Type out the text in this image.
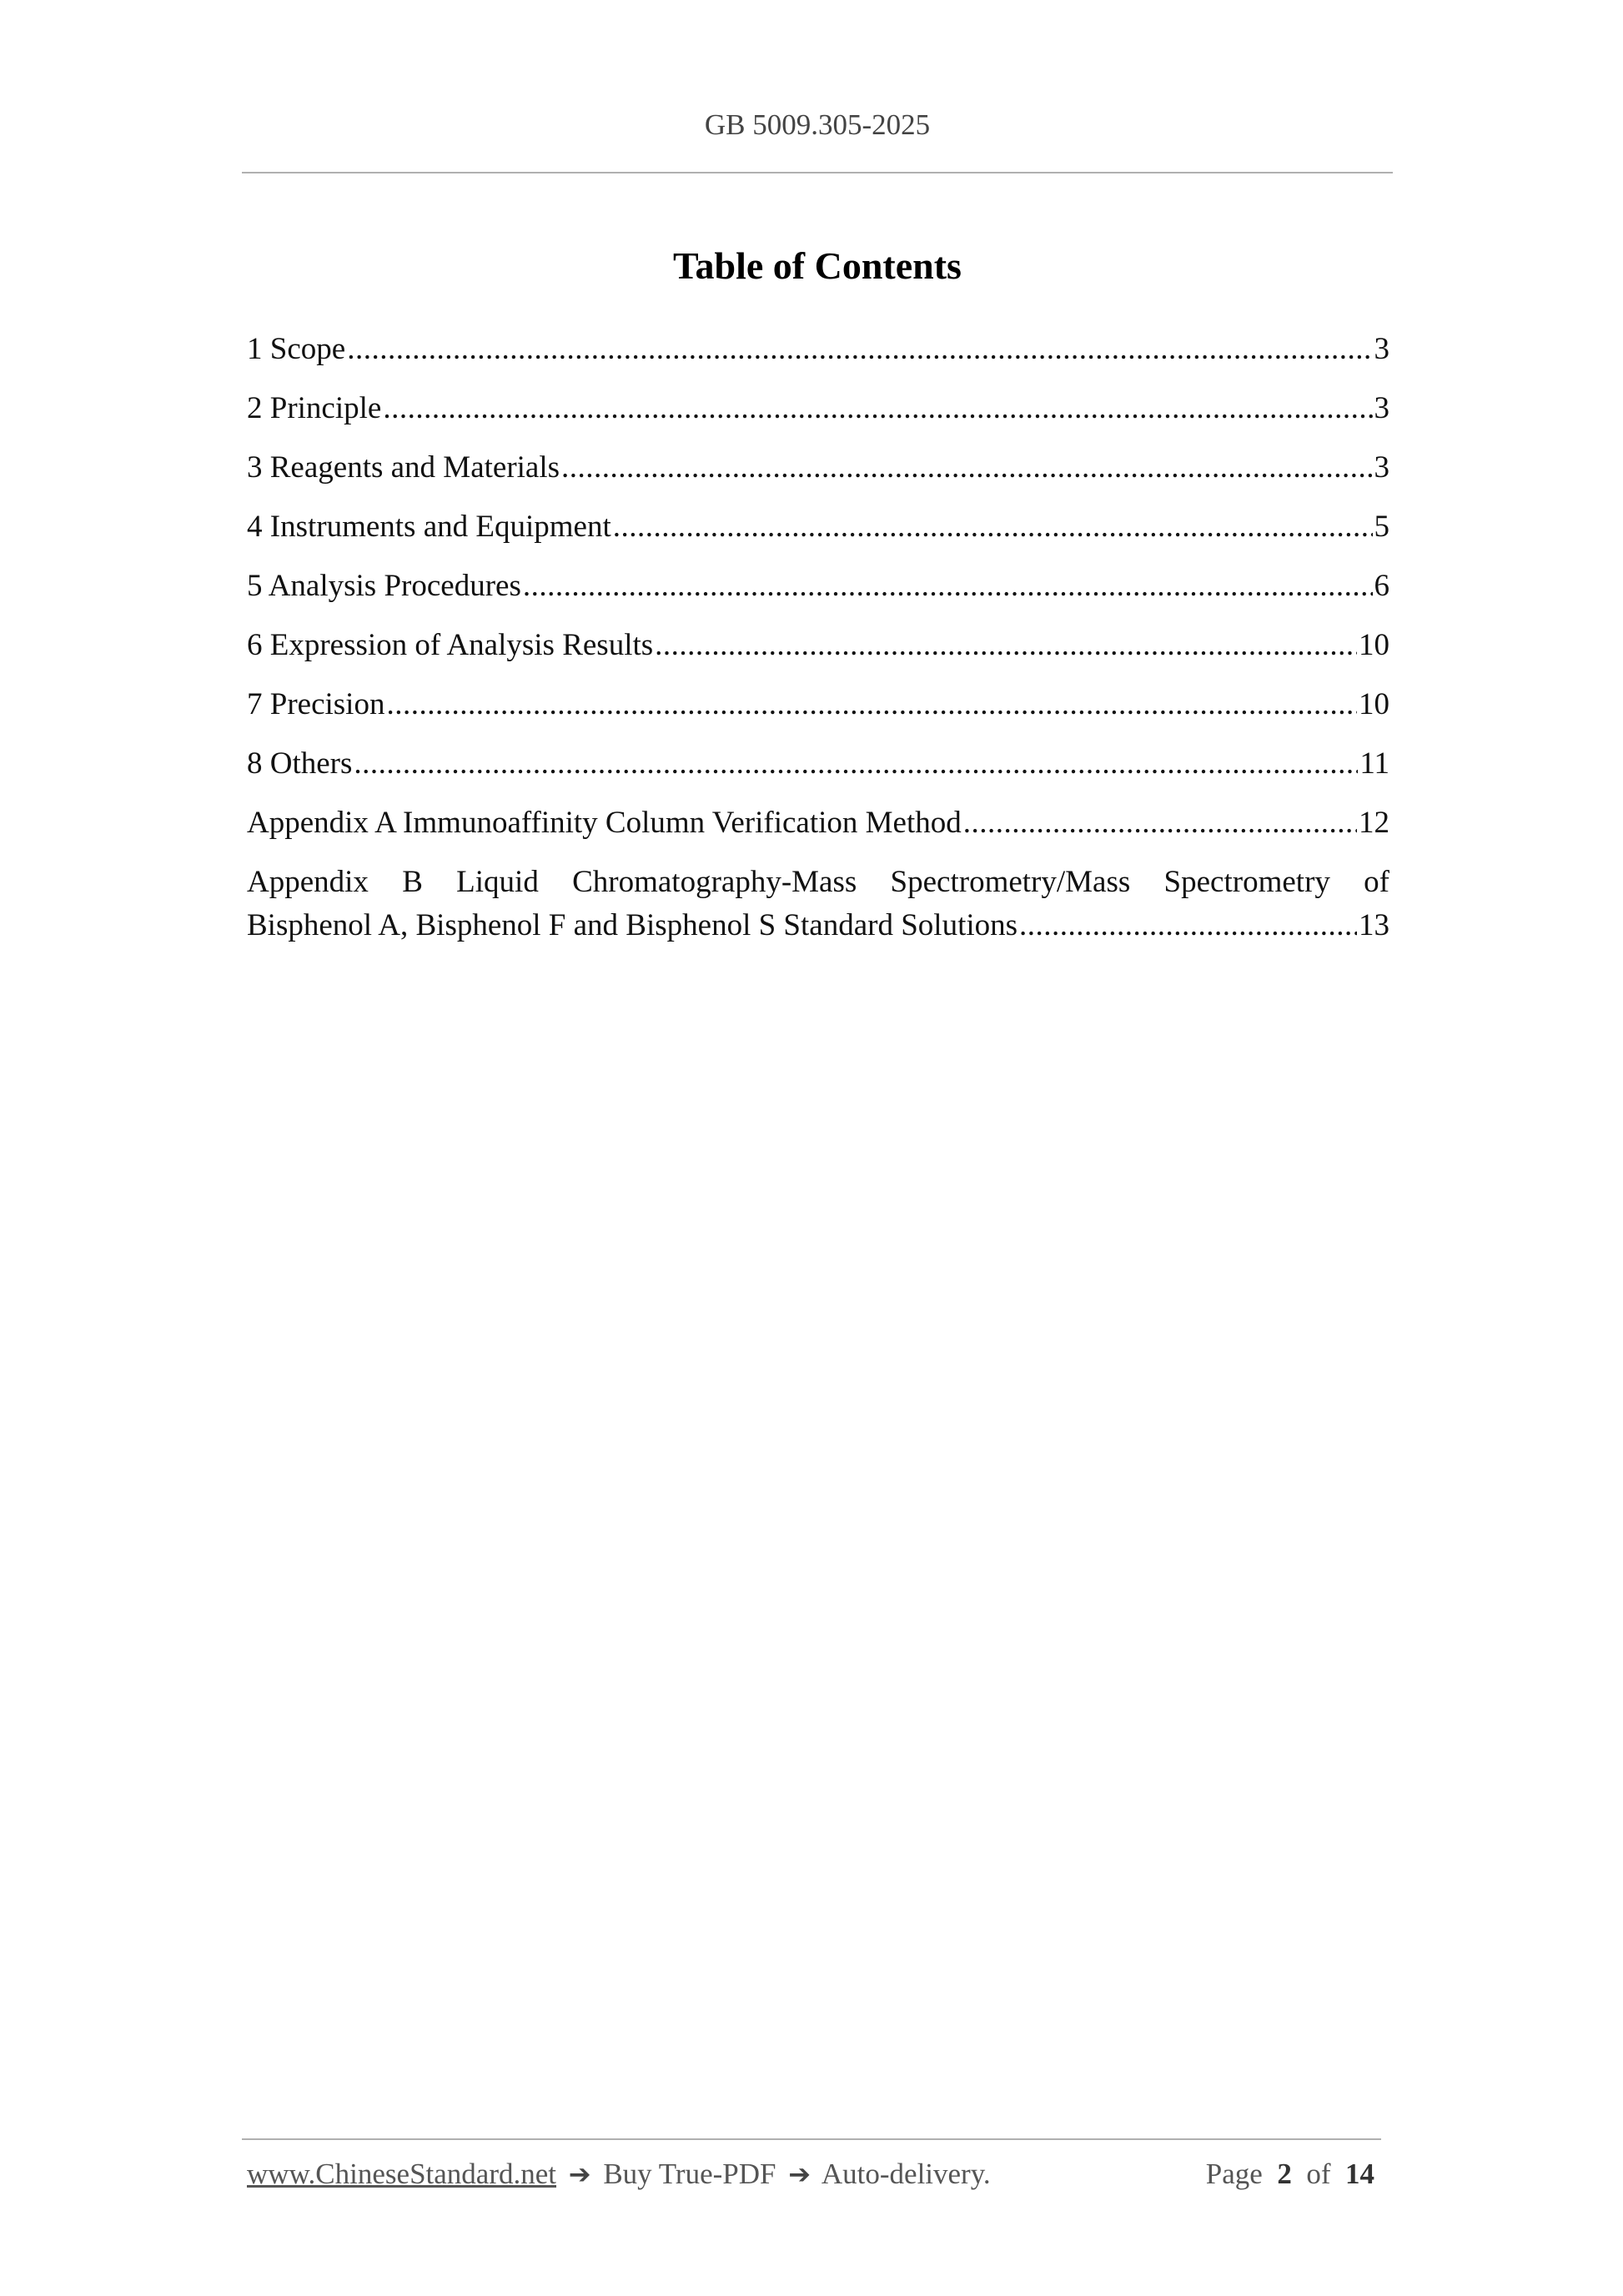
GB 5009.305-2025
Table of Contents
1 Scope .....	3
2 Principle .....	3
3 Reagents and Materials .....	3
4 Instruments and Equipment .....	5
5 Analysis Procedures .....	6
6 Expression of Analysis Results .....	10
7 Precision .....	10
8 Others .....	11
Appendix A Immunoaffinity Column Verification Method .....	12
Appendix B Liquid Chromatography-Mass Spectrometry/Mass Spectrometry of
Bisphenol A, Bisphenol F and Bisphenol S Standard Solutions .....	13
www.ChineseStandard.net ➔ Buy True-PDF ➔ Auto-delivery.	Page 2 of 14
